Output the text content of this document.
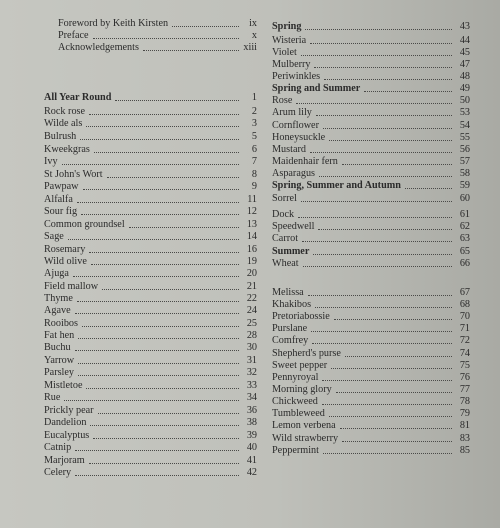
Foreword by Keith Kirsten	ix
Preface	x
Acknowledgements	xiii
All Year Round	1
Rock rose	2
Wilde als	3
Bulrush	5
Kweekgras	6
Ivy	7
St John's Wort	8
Pawpaw	9
Alfalfa	11
Sour fig	12
Common groundsel	13
Sage	14
Rosemary	16
Wild olive	19
Ajuga	20
Field mallow	21
Thyme	22
Agave	24
Rooibos	25
Fat hen	28
Buchu	30
Yarrow	31
Parsley	32
Mistletoe	33
Rue	34
Prickly pear	36
Dandelion	38
Eucalyptus	39
Catnip	40
Marjoram	41
Celery	42
Spring	43
Wisteria	44
Violet	45
Mulberry	47
Periwinkles	48
Spring and Summer	49
Rose	50
Arum lily	53
Cornflower	54
Honeysuckle	55
Mustard	56
Maidenhair fern	57
Asparagus	58
Spring, Summer and Autumn	59
Sorrel	60
Dock	61
Speedwell	62
Carrot	63
Summer	65
Wheat	66
Melissa	67
Khakibos	68
Pretoriabossie	70
Purslane	71
Comfrey	72
Shepherd's purse	74
Sweet pepper	75
Pennyroyal	76
Morning glory	77
Chickweed	78
Tumbleweed	79
Lemon verbena	81
Wild strawberry	83
Peppermint	85
